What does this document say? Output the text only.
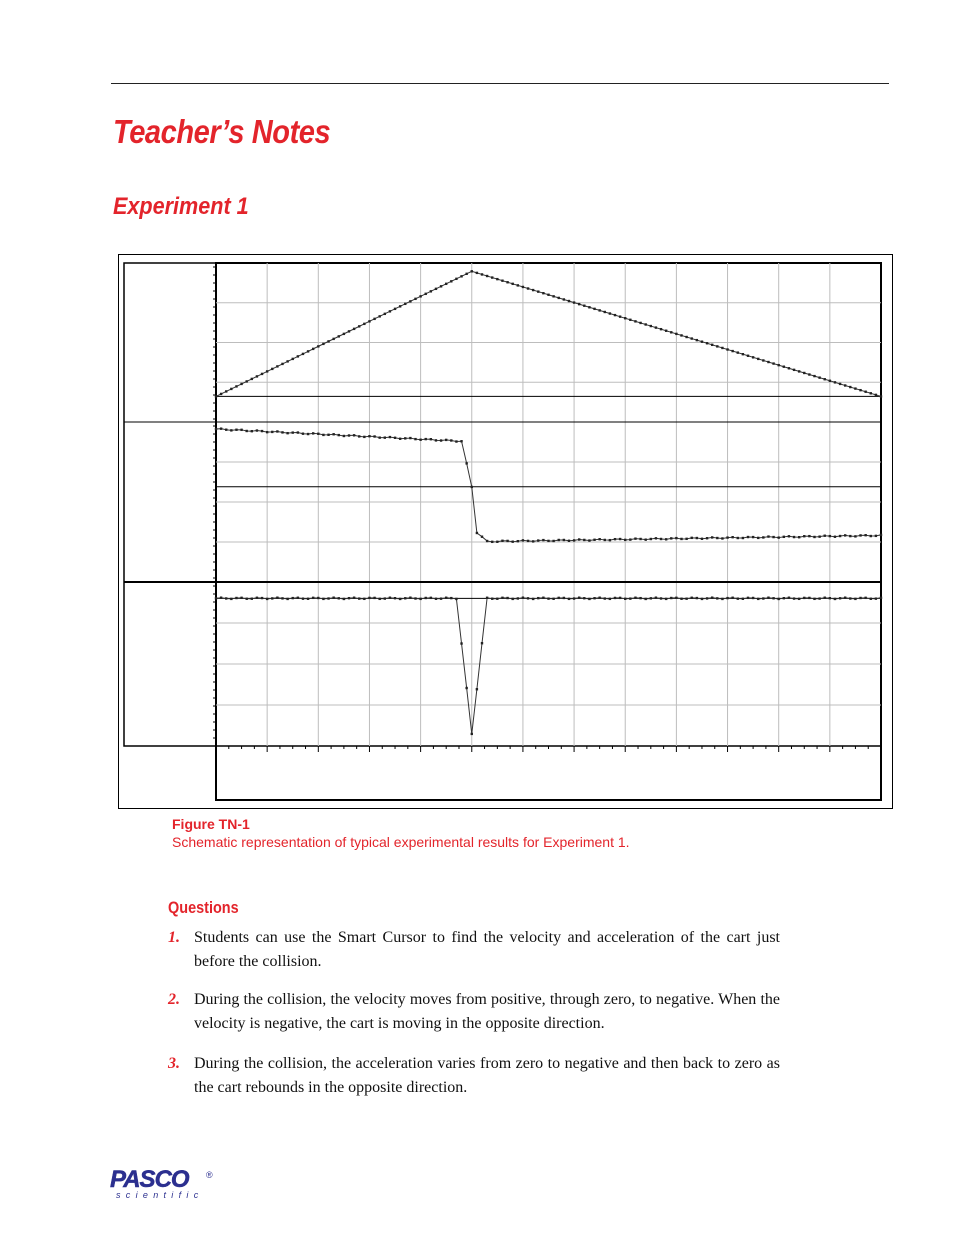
Teacher’s Notes
Experiment 1
Figure TN-1
Schematic representation of typical experimental results for Experiment 1.
Questions
1. Students can use the Smart Cursor to find the velocity and acceleration of the cart just before the collision.
2. During the collision, the velocity moves from positive, through zero, to negative. When the velocity is negative, the cart is moving in the opposite direction.
3. During the collision, the acceleration varies from zero to negative and then back to zero as the cart rebounds in the opposite direction.
PASCO ®
scientific
